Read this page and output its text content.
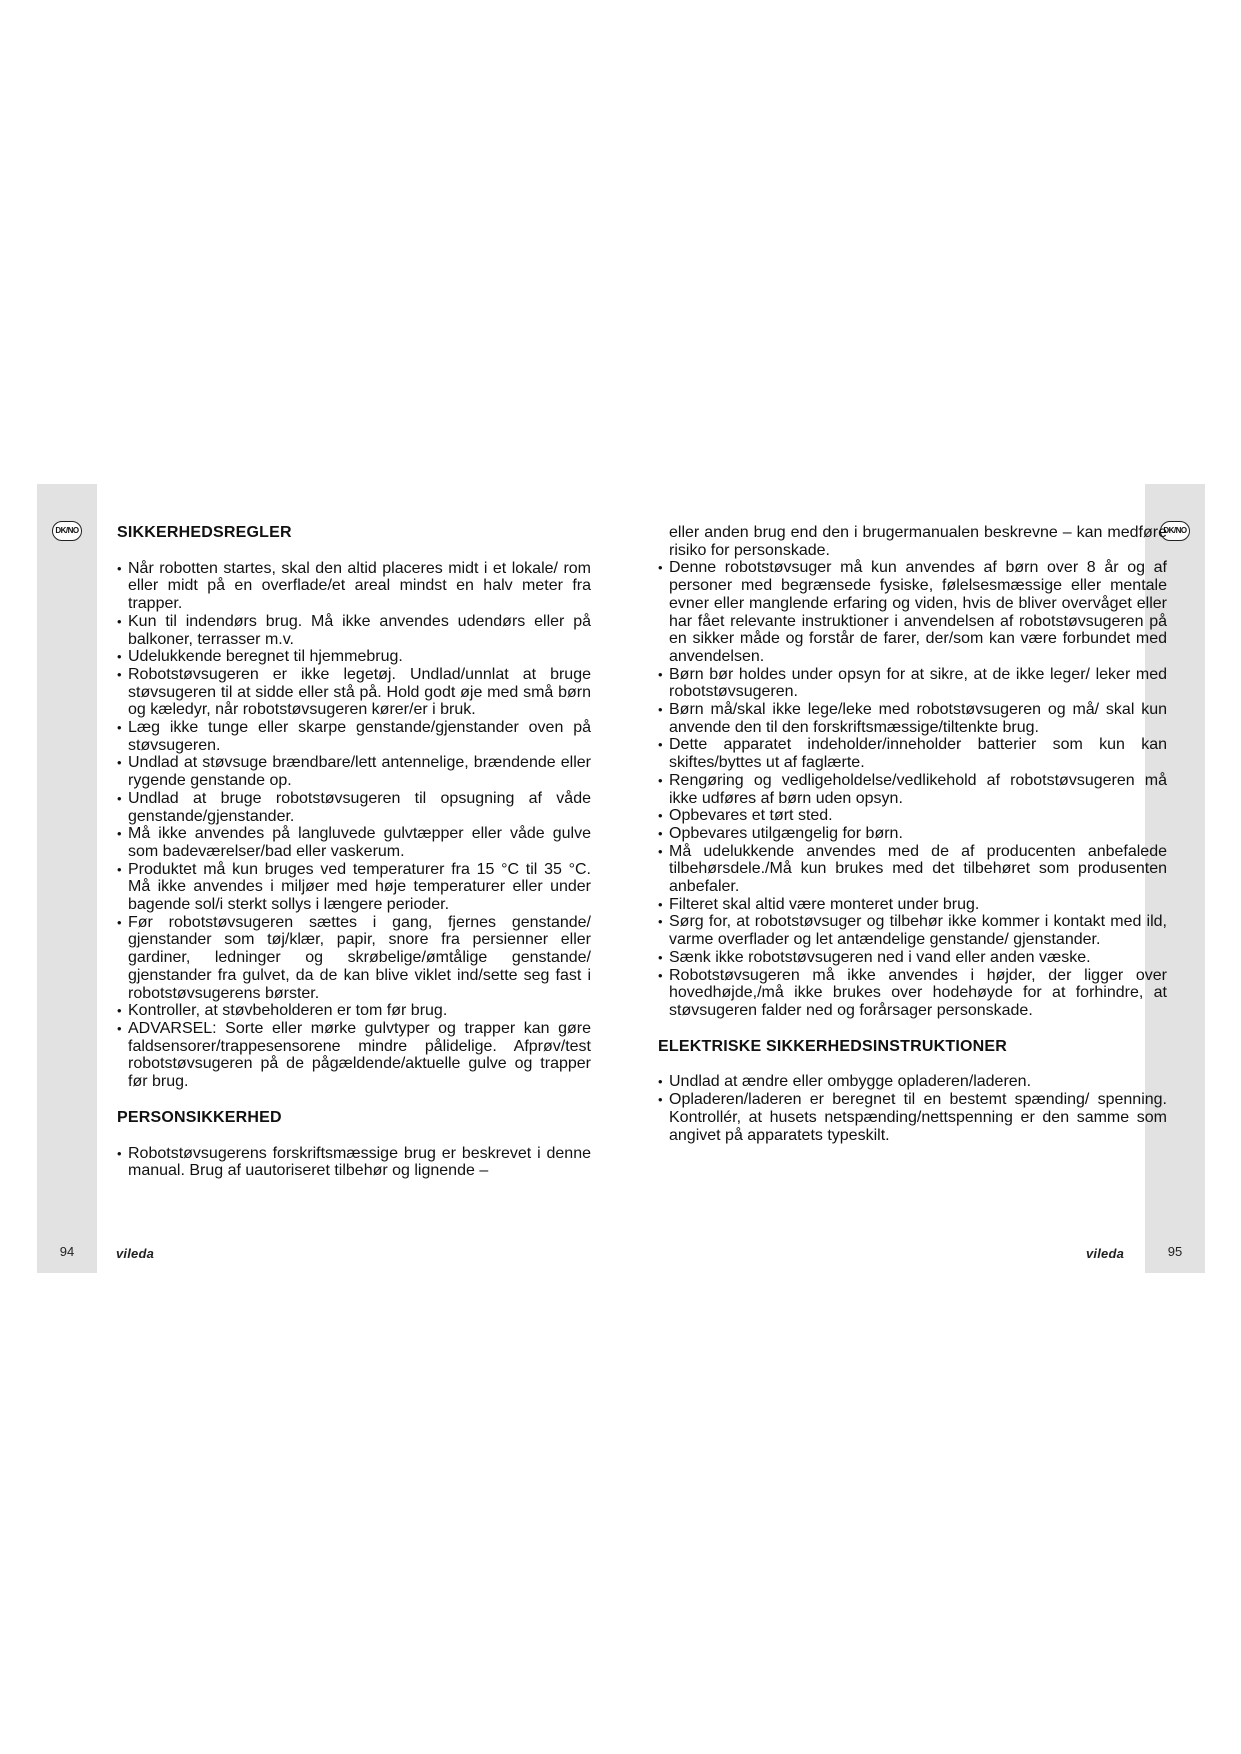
DK/NO
94
DK/NO
95
SIKKERHEDSREGLER
• Når robotten startes, skal den altid placeres midt i et lokale/ rom eller midt på en overflade/et areal mindst en halv meter fra trapper.
• Kun til indendørs brug. Må ikke anvendes udendørs eller på balkoner, terrasser m.v.
• Udelukkende beregnet til hjemmebrug.
• Robotstøvsugeren er ikke legetøj. Undlad/unnlat at bruge støvsugeren til at sidde eller stå på. Hold godt øje med små børn og kæledyr, når robotstøvsugeren kører/er i bruk.
• Læg ikke tunge eller skarpe genstande/gjenstander oven på støvsugeren.
• Undlad at støvsuge brændbare/lett antennelige, brændende eller rygende genstande op.
• Undlad at bruge robotstøvsugeren til opsugning af våde genstande/gjenstander.
• Må ikke anvendes på langluvede gulvtæpper eller våde gulve som badeværelser/bad eller vaskerum.
• Produktet må kun bruges ved temperaturer fra 15 °C til 35 °C. Må ikke anvendes i miljøer med høje temperaturer eller under bagende sol/i sterkt sollys i længere perioder.
• Før robotstøvsugeren sættes i gang, fjernes genstande/ gjenstander som tøj/klær, papir, snore fra persienner eller gardiner, ledninger og skrøbelige/ømtålige genstande/ gjenstander fra gulvet, da de kan blive viklet ind/sette seg fast i robotstøvsugerens børster.
• Kontroller, at støvbeholderen er tom før brug.
• ADVARSEL: Sorte eller mørke gulvtyper og trapper kan gøre faldsensorer/trappesensorene mindre pålidelige. Afprøv/test robotstøvsugeren på de pågældende/aktuelle gulve og trapper før brug.
PERSONSIKKERHED
• Robotstøvsugerens forskriftsmæssige brug er beskrevet i denne manual. Brug af uautoriseret tilbehør og lignende –
eller anden brug end den i brugermanualen beskrevne – kan medføre risiko for personskade.
• Denne robotstøvsuger må kun anvendes af børn over 8 år og af personer med begrænsede fysiske, følelsesmæssige eller mentale evner eller manglende erfaring og viden, hvis de bliver overvåget eller har fået relevante instruktioner i anvendelsen af robotstøvsugeren på en sikker måde og forstår de farer, der/som kan være forbundet med anvendelsen.
• Børn bør holdes under opsyn for at sikre, at de ikke leger/ leker med robotstøvsugeren.
• Børn må/skal ikke lege/leke med robotstøvsugeren og må/ skal kun anvende den til den forskriftsmæssige/tiltenkte brug.
• Dette apparatet indeholder/inneholder batterier som kun kan skiftes/byttes ut af faglærte.
• Rengøring og vedligeholdelse/vedlikehold af robotstøvsugeren må ikke udføres af børn uden opsyn.
• Opbevares et tørt sted.
• Opbevares utilgængelig for børn.
• Må udelukkende anvendes med de af producenten anbefalede tilbehørsdele./Må kun brukes med det tilbehøret som produsenten anbefaler.
• Filteret skal altid være monteret under brug.
• Sørg for, at robotstøvsuger og tilbehør ikke kommer i kontakt med ild, varme overflader og let antændelige genstande/ gjenstander.
• Sænk ikke robotstøvsugeren ned i vand eller anden væske.
• Robotstøvsugeren må ikke anvendes i højder, der ligger over hovedhøjde,/må ikke brukes over hodehøyde for at forhindre, at støvsugeren falder ned og forårsager personskade.
ELEKTRISKE SIKKERHEDSINSTRUKTIONER
• Undlad at ændre eller ombygge opladeren/laderen.
• Opladeren/laderen er beregnet til en bestemt spænding/ spenning. Kontrollér, at husets netspænding/nettspenning er den samme som angivet på apparatets typeskilt.
vileda	vileda
